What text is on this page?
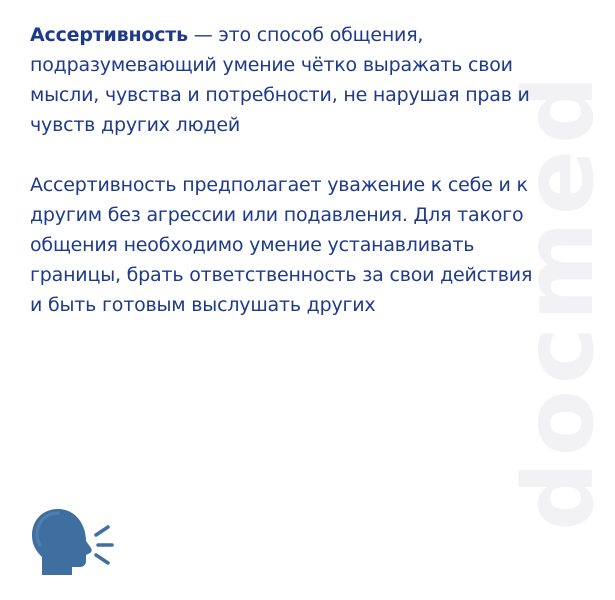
docmed

Ассертивность — это способ общения, подразумевающий умение чётко выражать свои мысли, чувства и потребности, не нарушая прав и чувств других людей

Ассертивность предполагает уважение к себе и к другим без агрессии или подавления. Для такого общения необходимо умение устанавливать границы, брать ответственность за свои действия и быть готовым выслушать других
